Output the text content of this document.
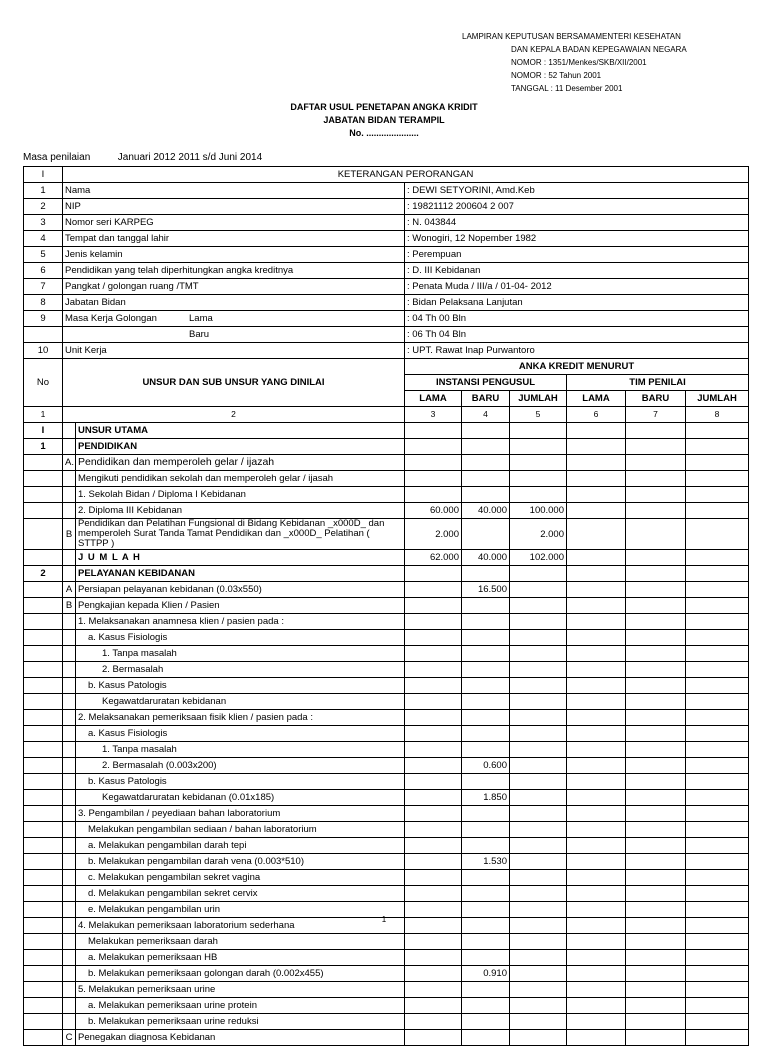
LAMPIRAN KEPUTUSAN BERSAMAMENTERI KESEHATAN
DAN KEPALA BADAN KEPEGAWAIAN NEGARA
NOMOR : 1351/Menkes/SKB/XII/2001
NOMOR : 52 Tahun 2001
TANGGAL : 11 Desember 2001
DAFTAR USUL PENETAPAN ANGKA KRIDIT
JABATAN BIDAN TERAMPIL
No. .....................
Masa penilaian	Januari 2012 2011 s/d Juni 2014
I	KETERANGAN PERORANGAN							
1	Nama		: DEWI SETYORINI, Amd.Keb					
2	NIP		: 19821112 200604 2 007					
3	Nomor seri KARPEG		: N. 043844					
4	Tempat dan tanggal lahir		: Wonogiri, 12 Nopember 1982					
5	Jenis kelamin		: Perempuan					
6	Pendidikan yang telah diperhitungkan angka kreditnya		: D. III Kebidanan					
7	Pangkat / golongan ruang /TMT		: Penata Muda / III/a / 01-04- 2012					
8	Jabatan Bidan		: Bidan Pelaksana Lanjutan					
9	Masa Kerja Golongan Lama		: 04 Th 00 Bln					
	Baru		: 06 Th 04 Bln					
10	Unit Kerja		: UPT. Rawat Inap Purwantoro					
No	UNSUR DAN SUB UNSUR YANG DINILAI		ANKA KREDIT MENURUT					
			INSTANSI PENGUSUL			TIM PENILAI		
			LAMA	BARU	JUMLAH	LAMA	BARU	JUMLAH
1	2		3	4	5	6	7	8
I		UNSUR UTAMA						
1		PENDIDIKAN						
	A.	Pendidikan dan memperoleh gelar / ijazah						
		Mengikuti pendidikan sekolah dan memperoleh gelar / ijasah						
		1. Sekolah Bidan / Diploma I Kebidanan						
		2. Diploma III Kebidanan	60.000	40.000	100.000			
	B	Pendidikan dan Pelatihan Fungsional di Bidang Kebidanan _x000D_ dan memperoleh Surat Tanda Tamat Pendidikan dan _x000D_ Pelatihan ( STTPP )	2.000		2.000			
		J U M L A H	62.000	40.000	102.000			
2		PELAYANAN KEBIDANAN						
	A	Persiapan pelayanan kebidanan (0.03x550)		16.500				
	B	Pengkajian kepada Klien / Pasien						
		1. Melaksanakan anamnesa klien / pasien pada :						
		a. Kasus Fisiologis						
		1. Tanpa masalah						
		2. Bermasalah						
		b. Kasus Patologis						
		Kegawatdaruratan kebidanan						
		2. Melaksanakan pemeriksaan fisik klien / pasien pada :						
		a. Kasus Fisiologis						
		1. Tanpa masalah						
		2. Bermasalah (0.003x200)		0.600				
		b. Kasus Patologis						
		Kegawatdaruratan kebidanan (0.01x185)		1.850				
		3. Pengambilan / peyediaan bahan laboratorium						
		Melakukan pengambilan sediaan / bahan laboratorium						
		a. Melakukan pengambilan darah tepi						
		b. Melakukan pengambilan darah vena (0.003*510)		1.530				
		c. Melakukan pengambilan sekret vagina						
		d. Melakukan pengambilan sekret cervix						
		e. Melakukan pengambilan urin						
		4. Melakukan pemeriksaan laboratorium sederhana						
		Melakukan pemeriksaan darah						
		a. Melakukan pemeriksaan HB						
		b. Melakukan pemeriksaan golongan darah (0.002x455)		0.910				
		5. Melakukan pemeriksaan urine						
		a. Melakukan pemeriksaan urine protein						
		b. Melakukan pemeriksaan urine reduksi						
	C	Penegakan diagnosa Kebidanan						
1
